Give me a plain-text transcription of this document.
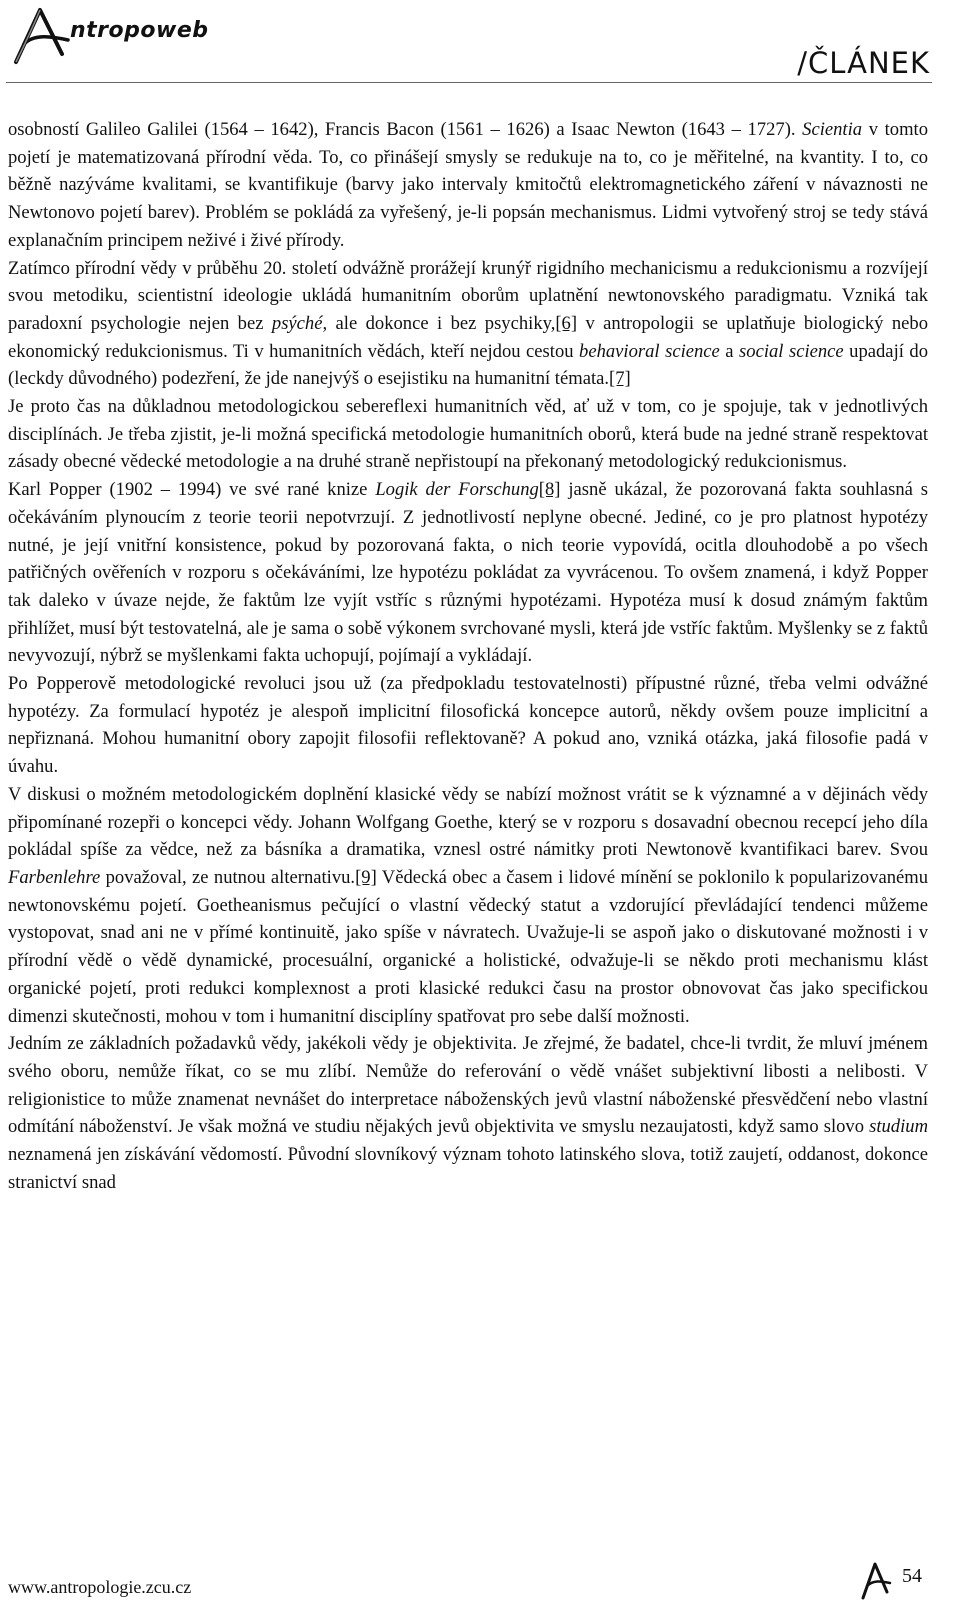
ntropoweb
/ČLÁNEK

osobností Galileo Galilei (1564 – 1642), Francis Bacon (1561 – 1626) a Isaac Newton (1643 – 1727). Scientia v tomto pojetí je matematizovaná přírodní věda. To, co přinášejí smysly se redukuje na to, co je měřitelné, na kvantity. I to, co běžně nazýváme kvalitami, se kvantifikuje (barvy jako intervaly kmitočtů elektromagnetického záření v návaznosti ne Newtonovo pojetí barev). Problém se pokládá za vyřešený, je-li popsán mechanismus. Lidmi vytvořený stroj se tedy stává explanačním principem neživé i živé přírody.

Zatímco přírodní vědy v průběhu 20. století odvážně prorážejí krunýř rigidního mechanicismu a redukcionismu a rozvíjejí svou metodiku, scientistní ideologie ukládá humanitním oborům uplatnění newtonovského paradigmatu. Vzniká tak paradoxní psychologie nejen bez psýché, ale dokonce i bez psychiky,[6] v antropologii se uplatňuje biologický nebo ekonomický redukcionismus. Ti v humanitních vědách, kteří nejdou cestou behavioral science a social science upadají do (leckdy důvodného) podezření, že jde nanejvýš o esejistiku na humanitní témata.[7]

Je proto čas na důkladnou metodologickou sebereflexi humanitních věd, ať už v tom, co je spojuje, tak v jednotlivých disciplínách. Je třeba zjistit, je-li možná specifická metodologie humanitních oborů, která bude na jedné straně respektovat zásady obecné vědecké metodologie a na druhé straně nepřistoupí na překonaný metodologický redukcionismus.

Karl Popper (1902 – 1994) ve své rané knize Logik der Forschung[8] jasně ukázal, že pozorovaná fakta souhlasná s očekáváním plynoucím z teorie teorii nepotvrzují. Z jednotlivostí neplyne obecné. Jediné, co je pro platnost hypotézy nutné, je její vnitřní konsistence, pokud by pozorovaná fakta, o nich teorie vypovídá, ocitla dlouhodobě a po všech patřičných ověřeních v rozporu s očekáváními, lze hypotézu pokládat za vyvrácenou. To ovšem znamená, i když Popper tak daleko v úvaze nejde, že faktům lze vyjít vstříc s různými hypotézami. Hypotéza musí k dosud známým faktům přihlížet, musí být testovatelná, ale je sama o sobě výkonem svrchované mysli, která jde vstříc faktům. Myšlenky se z faktů nevyvozují, nýbrž se myšlenkami fakta uchopují, pojímají a vykládají.

Po Popperově metodologické revoluci jsou už (za předpokladu testovatelnosti) přípustné různé, třeba velmi odvážné hypotézy. Za formulací hypotéz je alespoň implicitní filosofická koncepce autorů, někdy ovšem pouze implicitní a nepřiznaná. Mohou humanitní obory zapojit filosofii reflektovaně? A pokud ano, vzniká otázka, jaká filosofie padá v úvahu.

V diskusi o možném metodologickém doplnění klasické vědy se nabízí možnost vrátit se k významné a v dějinách vědy připomínané rozepři o koncepci vědy. Johann Wolfgang Goethe, který se v rozporu s dosavadní obecnou recepcí jeho díla pokládal spíše za vědce, než za básníka a dramatika, vznesl ostré námitky proti Newtonově kvantifikaci barev. Svou Farbenlehre považoval, ze nutnou alternativu.[9] Vědecká obec a časem i lidové mínění se poklonilo k popularizovanému newtonovskému pojetí. Goetheanismus pečující o vlastní vědecký statut a vzdorující převládající tendenci můžeme vystopovat, snad ani ne v přímé kontinuitě, jako spíše v návratech. Uvažuje-li se aspoň jako o diskutované možnosti i v přírodní vědě o vědě dynamické, procesuální, organické a holistické, odvažuje-li se někdo proti mechanismu klást organické pojetí, proti redukci komplexnost a proti klasické redukci času na prostor obnovovat čas jako specifickou dimenzi skutečnosti, mohou v tom i humanitní disciplíny spatřovat pro sebe další možnosti.

Jedním ze základních požadavků vědy, jakékoli vědy je objektivita. Je zřejmé, že badatel, chce-li tvrdit, že mluví jménem svého oboru, nemůže říkat, co se mu zlíbí. Nemůže do referování o vědě vnášet subjektivní libosti a nelibosti. V religionistice to může znamenat nevnášet do interpretace náboženských jevů vlastní náboženské přesvědčení nebo vlastní odmítání náboženství. Je však možná ve studiu nějakých jevů objektivita ve smyslu nezaujatosti, když samo slovo studium neznamená jen získávání vědomostí. Původní slovníkový význam tohoto latinského slova, totiž zaujetí, oddanost, dokonce stranictví snad

www.antropologie.zcu.cz	54
